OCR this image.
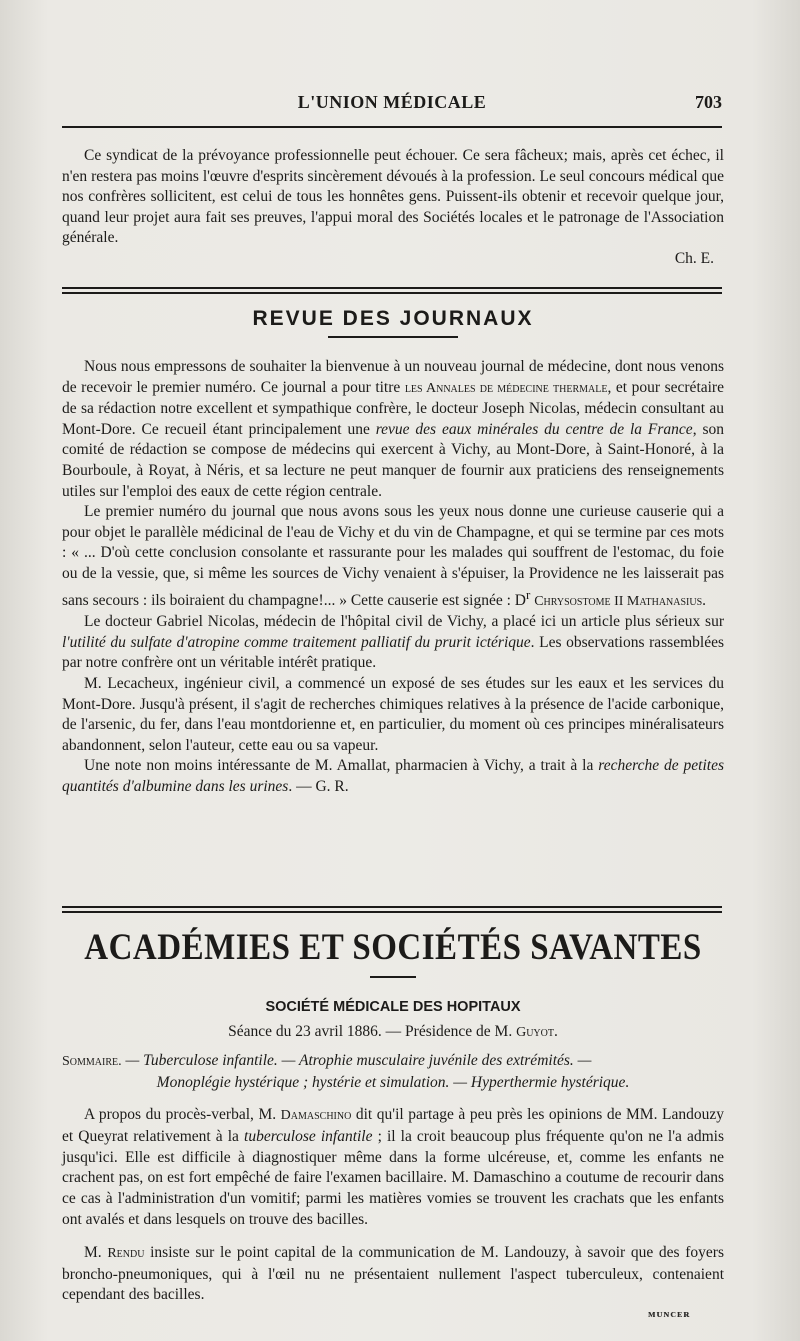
L'UNION MÉDICALE	703

Ce syndicat de la prévoyance professionnelle peut échouer. Ce sera fâcheux; mais, après cet échec, il n'en restera pas moins l'œuvre d'esprits sincèrement dévoués à la profession. Le seul concours médical que nos confrères sollicitent, est celui de tous les honnêtes gens. Puissent-ils obtenir et recevoir quelque jour, quand leur projet aura fait ses preuves, l'appui moral des Sociétés locales et le patronage de l'Association générale.

Ch. E.

REVUE DES JOURNAUX

Nous nous empressons de souhaiter la bienvenue à un nouveau journal de médecine, dont nous venons de recevoir le premier numéro. Ce journal a pour titre les Annales de médecine thermale, et pour secrétaire de sa rédaction notre excellent et sympathique confrère, le docteur Joseph Nicolas, médecin consultant au Mont-Dore. Ce recueil étant principalement une revue des eaux minérales du centre de la France, son comité de rédaction se compose de médecins qui exercent à Vichy, au Mont-Dore, à Saint-Honoré, à la Bourboule, à Royat, à Néris, et sa lecture ne peut manquer de fournir aux praticiens des renseignements utiles sur l'emploi des eaux de cette région centrale.

Le premier numéro du journal que nous avons sous les yeux nous donne une curieuse causerie qui a pour objet le parallèle médicinal de l'eau de Vichy et du vin de Champagne, et qui se termine par ces mots : « ... D'où cette conclusion consolante et rassurante pour les malades qui souffrent de l'estomac, du foie ou de la vessie, que, si même les sources de Vichy venaient à s'épuiser, la Providence ne les laisserait pas sans secours : ils boiraient du champagne!... » Cette causerie est signée : $D^r$ Chrysostome II Mathanasius.

Le docteur Gabriel Nicolas, médecin de l'hôpital civil de Vichy, a placé ici un article plus sérieux sur l'utilité du sulfate d'atropine comme traitement palliatif du prurit ictérique. Les observations rassemblées par notre confrère ont un véritable intérêt pratique.

M. Lecacheux, ingénieur civil, a commencé un exposé de ses études sur les eaux et les services du Mont-Dore. Jusqu'à présent, il s'agit de recherches chimiques relatives à la présence de l'acide carbonique, de l'arsenic, du fer, dans l'eau montdorienne et, en particulier, du moment où ces principes minéralisateurs abandonnent, selon l'auteur, cette eau ou sa vapeur.

Une note non moins intéressante de M. Amallat, pharmacien à Vichy, a trait à la recherche de petites quantités d'albumine dans les urines. — G. R.

ACADÉMIES ET SOCIÉTÉS SAVANTES
SOCIÉTÉ MÉDICALE DES HOPITAUX
Séance du 23 avril 1886. — Présidence de M. Guyot.
Sommaire. — Tuberculose infantile. — Atrophie musculaire juvénile des extrémités. —
Monoplégie hystérique ; hystérie et simulation. — Hyperthermie hystérique.

A propos du procès-verbal, M. Damaschino dit qu'il partage à peu près les opinions de MM. Landouzy et Queyrat relativement à la tuberculose infantile ; il la croit beaucoup plus fréquente qu'on ne l'a admis jusqu'ici. Elle est difficile à diagnostiquer même dans la forme ulcéreuse, et, comme les enfants ne crachent pas, on est fort empêché de faire l'examen bacillaire. M. Damaschino a coutume de recourir dans ce cas à l'administration d'un vomitif; parmi les matières vomies se trouvent les crachats que les enfants ont avalés et dans lesquels on trouve des bacilles.

M. Rendu insiste sur le point capital de la communication de M. Landouzy, à savoir que des foyers broncho-pneumoniques, qui à l'œil nu ne présentaient nullement l'aspect tuberculeux, contenaient cependant des bacilles.

ᴍᴜɴᴄᴇʀ
